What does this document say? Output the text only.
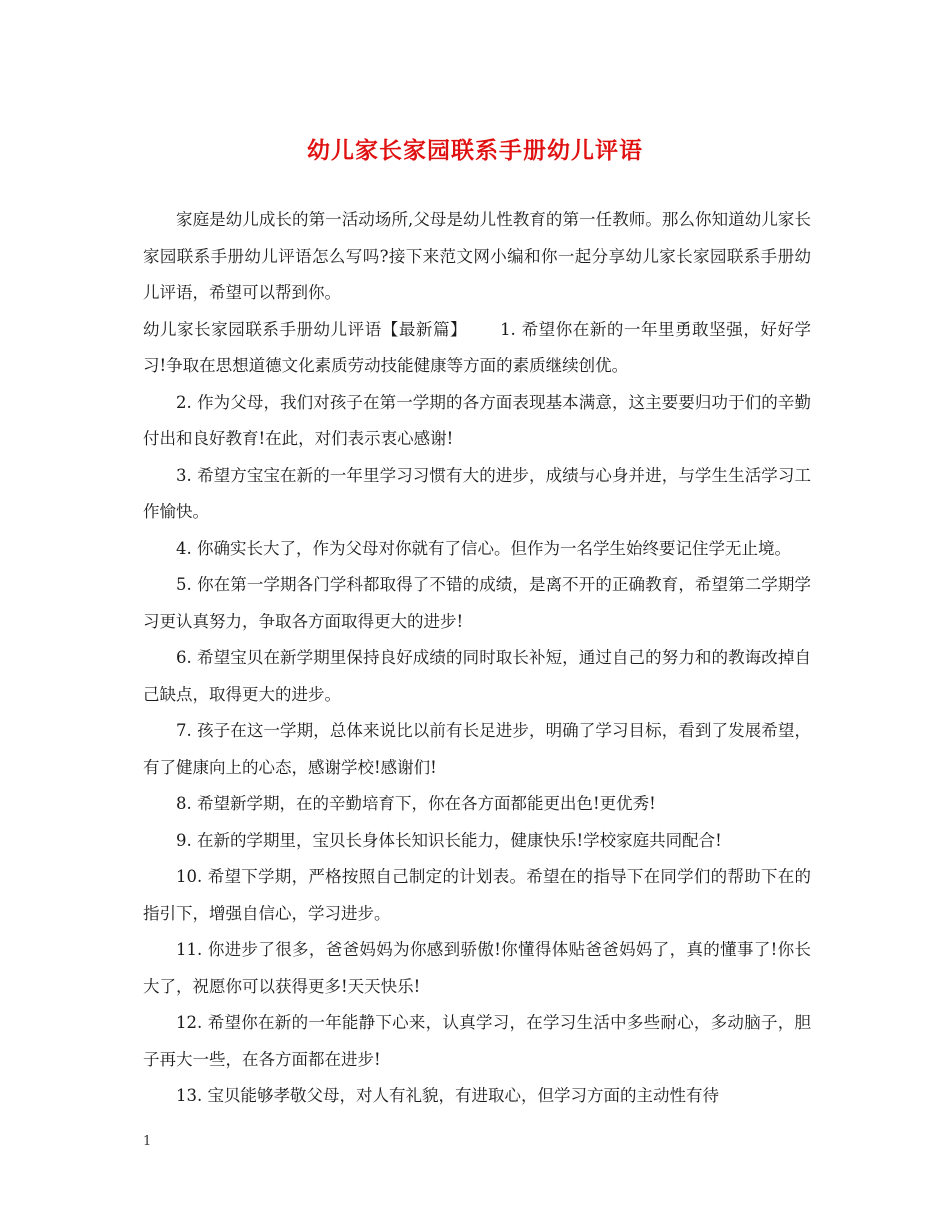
幼儿家长家园联系手册幼儿评语

家庭是幼儿成长的第一活动场所,父母是幼儿性教育的第一任教师。那么你知道幼儿家长家园联系手册幼儿评语怎么写吗?接下来范文网小编和你一起分享幼儿家长家园联系手册幼儿评语，希望可以帮到你。

幼儿家长家园联系手册幼儿评语【最新篇】   1. 希望你在新的一年里勇敢坚强，好好学习!争取在思想道德文化素质劳动技能健康等方面的素质继续创优。

2. 作为父母，我们对孩子在第一学期的各方面表现基本满意，这主要要归功于们的辛勤付出和良好教育!在此，对们表示衷心感谢!

3. 希望方宝宝在新的一年里学习习惯有大的进步，成绩与心身并进，与学生生活学习工作愉快。

4. 你确实长大了，作为父母对你就有了信心。但作为一名学生始终要记住学无止境。

5. 你在第一学期各门学科都取得了不错的成绩，是离不开的正确教育，希望第二学期学习更认真努力，争取各方面取得更大的进步!

6. 希望宝贝在新学期里保持良好成绩的同时取长补短，通过自己的努力和的教诲改掉自己缺点，取得更大的进步。

7. 孩子在这一学期，总体来说比以前有长足进步，明确了学习目标，看到了发展希望，有了健康向上的心态，感谢学校!感谢们!

8. 希望新学期，在的辛勤培育下，你在各方面都能更出色!更优秀!

9. 在新的学期里，宝贝长身体长知识长能力，健康快乐!学校家庭共同配合!

10. 希望下学期，严格按照自己制定的计划表。希望在的指导下在同学们的帮助下在的指引下，增强自信心，学习进步。

11. 你进步了很多，爸爸妈妈为你感到骄傲!你懂得体贴爸爸妈妈了，真的懂事了!你长大了，祝愿你可以获得更多!天天快乐!

12. 希望你在新的一年能静下心来，认真学习，在学习生活中多些耐心，多动脑子，胆子再大一些，在各方面都在进步!

13. 宝贝能够孝敬父母，对人有礼貌，有进取心，但学习方面的主动性有待

1
